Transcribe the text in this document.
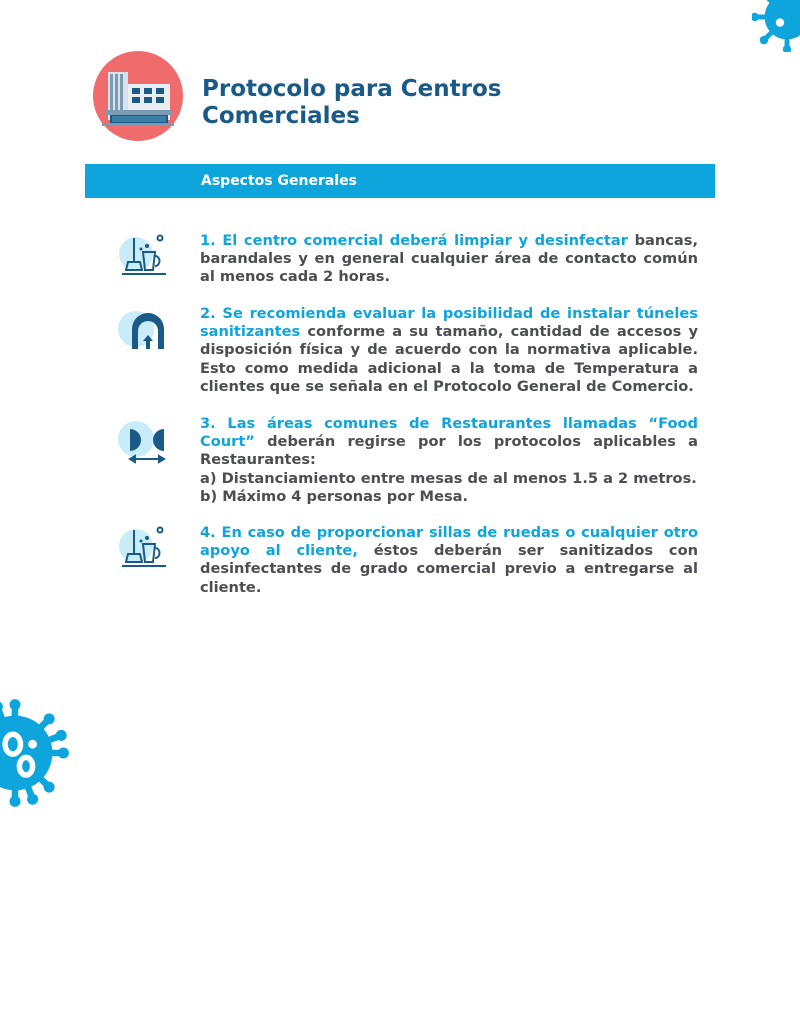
Protocolo para Centros
Comerciales
Aspectos Generales

1. El centro comercial deberá limpiar y desinfectar bancas, barandales y en general cualquier área de contacto común al menos cada 2 horas.

2. Se recomienda evaluar la posibilidad de instalar túneles sanitizantes conforme a su tamaño, cantidad de accesos y disposición física y de acuerdo con la normativa aplicable. Esto como medida adicional a la toma de Temperatura a clientes que se señala en el Protocolo General de Comercio.

3. Las áreas comunes de Restaurantes llamadas “Food Court” deberán regirse por los protocolos aplicables a Restaurantes:
a) Distanciamiento entre mesas de al menos 1.5 a 2 metros.
b) Máximo 4 personas por Mesa.

4. En caso de proporcionar sillas de ruedas o cualquier otro apoyo al cliente, éstos deberán ser sanitizados con desinfectantes de grado comercial previo a entregarse al cliente.
